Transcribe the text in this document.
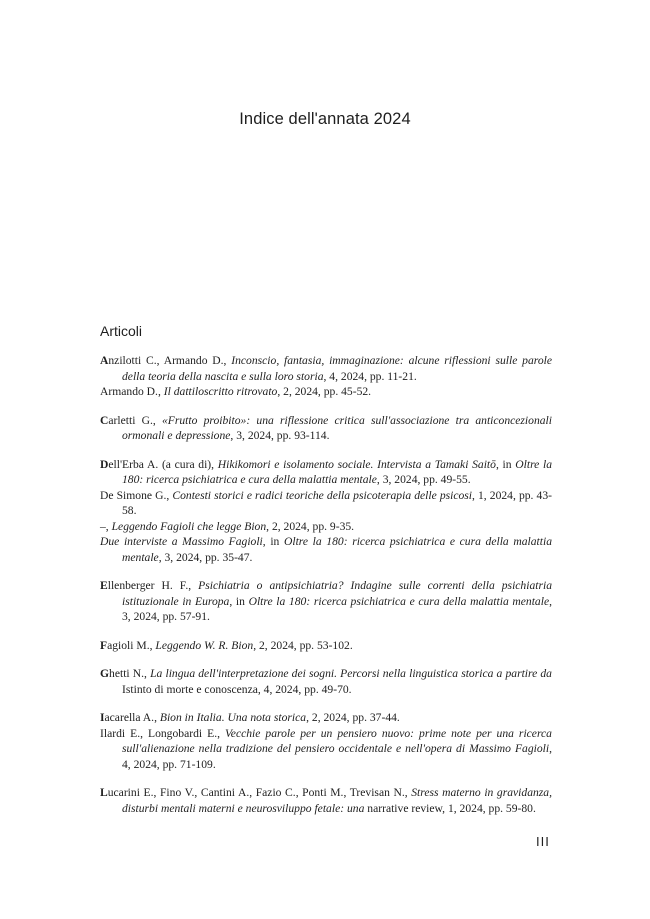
Indice dell'annata 2024
Articoli
Anzilotti C., Armando D., Inconscio, fantasia, immaginazione: alcune riflessioni sulle parole della teoria della nascita e sulla loro storia, 4, 2024, pp. 11-21.
Armando D., Il dattiloscritto ritrovato, 2, 2024, pp. 45-52.
Carletti G., «Frutto proibito»: una riflessione critica sull'associazione tra anticoncezionali ormonali e depressione, 3, 2024, pp. 93-114.
Dell'Erba A. (a cura di), Hikikomori e isolamento sociale. Intervista a Tamaki Saitō, in Oltre la 180: ricerca psichiatrica e cura della malattia mentale, 3, 2024, pp. 49-55.
De Simone G., Contesti storici e radici teoriche della psicoterapia delle psicosi, 1, 2024, pp. 43-58.
–, Leggendo Fagioli che legge Bion, 2, 2024, pp. 9-35.
Due interviste a Massimo Fagioli, in Oltre la 180: ricerca psichiatrica e cura della malattia mentale, 3, 2024, pp. 35-47.
Ellenberger H. F., Psichiatria o antipsichiatria? Indagine sulle correnti della psichiatria istituzionale in Europa, in Oltre la 180: ricerca psichiatrica e cura della malattia mentale, 3, 2024, pp. 57-91.
Fagioli M., Leggendo W. R. Bion, 2, 2024, pp. 53-102.
Ghetti N., La lingua dell'interpretazione dei sogni. Percorsi nella linguistica storica a partire da Istinto di morte e conoscenza, 4, 2024, pp. 49-70.
Iacarella A., Bion in Italia. Una nota storica, 2, 2024, pp. 37-44.
Ilardi E., Longobardi E., Vecchie parole per un pensiero nuovo: prime note per una ricerca sull'alienazione nella tradizione del pensiero occidentale e nell'opera di Massimo Fagioli, 4, 2024, pp. 71-109.
Lucarini E., Fino V., Cantini A., Fazio C., Ponti M., Trevisan N., Stress materno in gravidanza, disturbi mentali materni e neurosviluppo fetale: una narrative review, 1, 2024, pp. 59-80.
III
